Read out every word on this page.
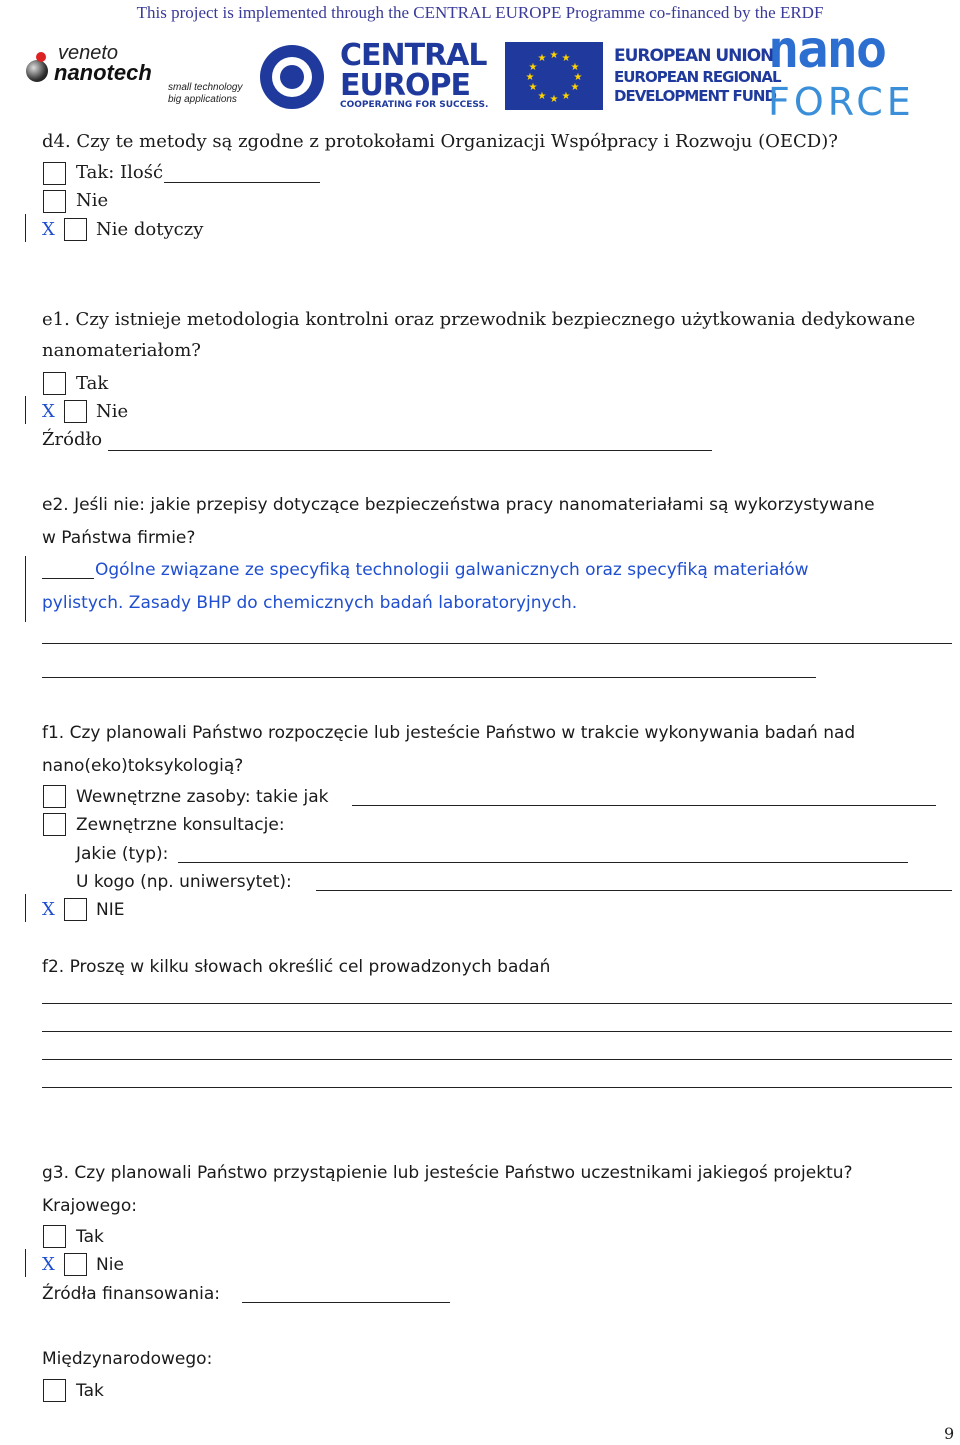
This project is implemented through the CENTRAL EUROPE Programme co-financed by the ERDF
veneto
nanotech
small technology
big applications
CENTRAL
EUROPE
COOPERATING FOR SUCCESS.
★ ★
★
★
★
★
★
★
★
★
★
★	EUROPEAN UNION
EUROPEAN REGIONAL
DEVELOPMENT FUND
nano
FORCE
d4. Czy te metody są zgodne z protokołami Organizacji Współpracy i Rozwoju (OECD)?
Tak: Ilość
Nie
X Nie dotyczy
e1. Czy istnieje metodologia kontrolni oraz przewodnik bezpiecznego użytkowania dedykowane
nanomateriałom?
Tak
X Nie
Źródło
e2. Jeśli nie: jakie przepisy dotyczące bezpieczeństwa pracy nanomateriałami są wykorzystywane
w Państwa firmie?
Ogólne związane ze specyfiką technologii galwanicznych oraz specyfiką materiałów
pylistych. Zasady BHP do chemicznych badań laboratoryjnych.
f1. Czy planowali Państwo rozpoczęcie lub jesteście Państwo w trakcie wykonywania badań nad
nano(eko)toksykologią?
Wewnętrzne zasoby: takie jak
Zewnętrzne konsultacje:
Jakie (typ):
U kogo (np. uniwersytet):
X NIE
f2. Proszę w kilku słowach określić cel prowadzonych badań
g3. Czy planowali Państwo przystąpienie lub jesteście Państwo uczestnikami jakiegoś projektu?
Krajowego:
Tak
X Nie
Źródła finansowania:
Międzynarodowego:
Tak
9
